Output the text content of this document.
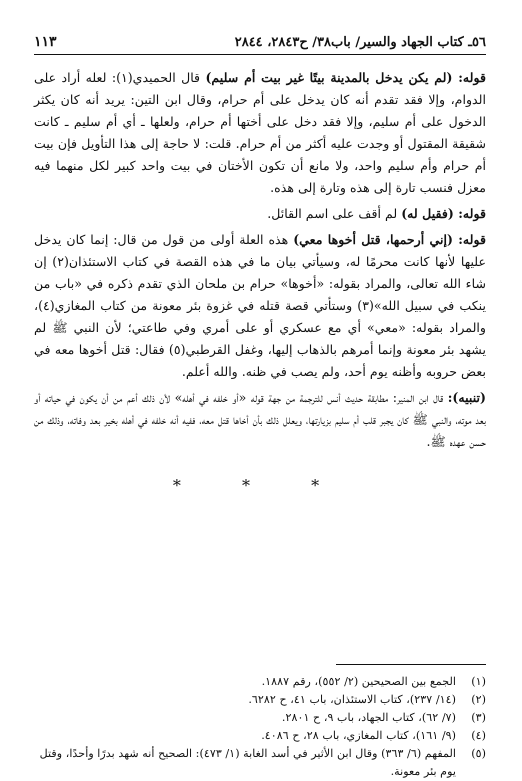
٥٦ـ كتاب الجهاد والسير/ باب٣٨/ ح٢٨٤٣، ٢٨٤٤
١١٣

قوله: (لم يكن يدخل بالمدينة بيتًا غير بيت أم سليم) قال الحميدي(١): لعله أراد على الدوام، وإلا فقد تقدم أنه كان يدخل على أم حرام، وقال ابن التين: يريد أنه كان يكثر الدخول على أم سليم، وإلا فقد دخل على أختها أم حرام، ولعلها ـ أي أم سليم ـ كانت شقيقة المقتول أو وجدت عليه أكثر من أم حرام. قلت: لا حاجة إلى هذا التأويل فإن بيت أم حرام وأم سليم واحد، ولا مانع أن تكون الأختان في بيت واحد كبير لكل منهما فيه معزل فنسب تارة إلى هذه وتارة إلى هذه.

قوله: (فقيل له) لم أقف على اسم القائل.

قوله: (إني أرحمها، قتل أخوها معي) هذه العلة أولى من قول من قال: إنما كان يدخل عليها لأنها كانت محرمًا له، وسيأتي بيان ما في هذه القصة في كتاب الاستئذان(٢) إن شاء الله تعالى، والمراد بقوله: «أخوها» حرام بن ملحان الذي تقدم ذكره في «باب من ينكب في سبيل الله»(٣) وستأتي قصة قتله في غزوة بئر معونة من كتاب المغازي(٤)، والمراد بقوله: «معي» أي مع عسكري أو على أمري وفي طاعتي؛ لأن النبي ﷺ لم يشهد بئر معونة وإنما أمرهم بالذهاب إليها، وغفل القرطبي(٥) فقال: قتل أخوها معه في بعض حروبه وأظنه يوم أحد، ولم يصب في ظنه. والله أعلم.

(تنبيه): قال ابن المنير: مطابقة حديث أنس للترجمة من جهة قوله «أو خلفه في أهله» لأن ذلك أعم من أن يكون في حياته أو بعد موته، والنبي ﷺ كان يجبر قلب أم سليم بزيارتها، ويعلل ذلك بأن أخاها قتل معه، ففيه أنه خلفه في أهله بخير بعد وفاته، وذلك من حسن عهده ﷺ.

* * *
(١)
الجمع بين الصحيحين (٢/ ٥٥٢)، رقم ١٨٨٧.
(٢)
(١٤/ ٢٣٧)، كتاب الاستئذان، باب ٤١، ح ٦٢٨٢.
(٣)
(٧/ ٦٢)، كتاب الجهاد، باب ٩، ح ٢٨٠١.
(٤)
(٩/ ١٦١)، كتاب المغازي، باب ٢٨، ح ٤٠٨٦.
(٥)
المفهم (٦/ ٣٦٣) وقال ابن الأثير في أسد الغابة (١/ ٤٧٣): الصحيح أنه شهد بدرًا وأحدًا، وقتل يوم بئر معونة.
